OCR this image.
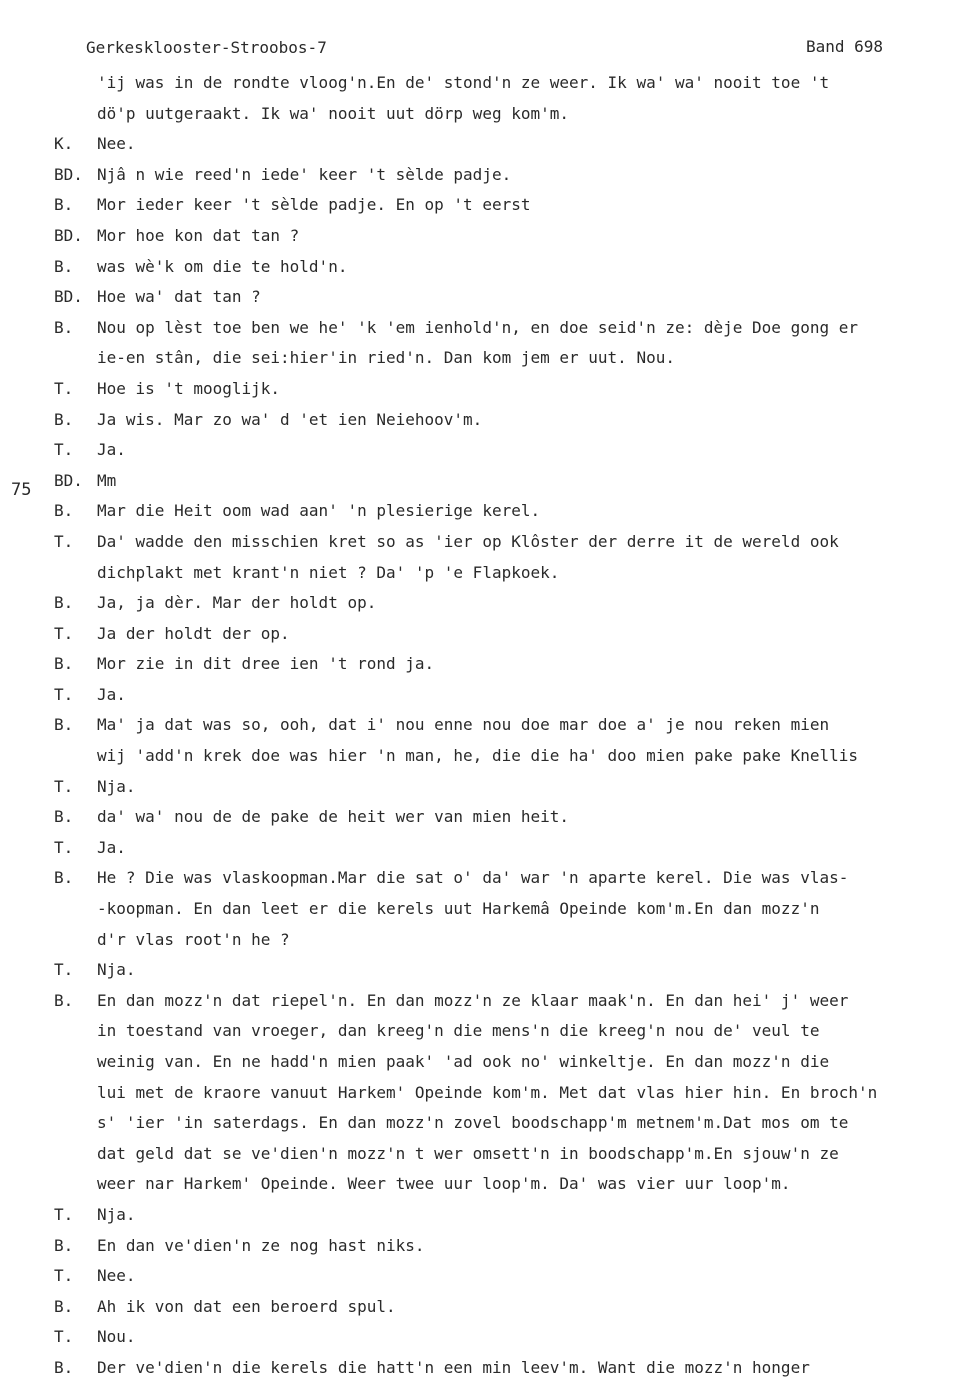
Gerkesklooster-Stroobos-7	Band 698
75
'ij was in de rondte vloog'n.En de' stond'n ze weer. Ik wa' wa' nooit toe 't
dö'p uutgeraakt. Ik wa' nooit uut dörp weg kom'm.
K. Nee.
BD. Njâ n wie reed'n iede' keer 't sèlde padje.
B. Mor ieder keer 't sèlde padje. En op 't eerst
BD. Mor hoe kon dat tan ?
B. was wè'k om die te hold'n.
BD. Hoe wa' dat tan ?
B. Nou op lèst toe ben we he' 'k 'em ienhold'n, en doe seid'n ze: dèje Doe gong er
ie-en stân, die sei:hier'in ried'n. Dan kom jem er uut. Nou.
T. Hoe is 't mooglijk.
B. Ja wis. Mar zo wa' d 'et ien Neiehoov'm.
T. Ja.
BD. Mm
B. Mar die Heit oom wad aan' 'n plesierige kerel.
T. Da' wadde den misschien kret so as 'ier op Klôster der derre it de wereld ook
dichplakt met krant'n niet ? Da' 'p 'e Flapkoek.
B. Ja, ja dèr. Mar der holdt op.
T. Ja der holdt der op.
B. Mor zie in dit dree ien 't rond ja.
T. Ja.
B. Ma' ja dat was so, ooh, dat i' nou enne nou doe mar doe a' je nou reken mien
wij 'add'n krek doe was hier 'n man, he, die die ha' doo mien pake pake Knellis
T. Nja.
B. da' wa' nou de de pake de heit wer van mien heit.
T. Ja.
B. He ? Die was vlaskoopman.Mar die sat o' da' war 'n aparte kerel. Die was vlas-
-koopman. En dan leet er die kerels uut Harkemâ Opeinde kom'm.En dan mozz'n
d'r vlas root'n he ?
T. Nja.
B. En dan mozz'n dat riepel'n. En dan mozz'n ze klaar maak'n. En dan hei' j' weer
in toestand van vroeger, dan kreeg'n die mens'n die kreeg'n nou de' veul te
weinig van. En ne hadd'n mien paak' 'ad ook no' winkeltje. En dan mozz'n die
lui met de kraore vanuut Harkem' Opeinde kom'm. Met dat vlas hier hin. En broch'n
s' 'ier 'in saterdags. En dan mozz'n zovel boodschapp'm metnem'm.Dat mos om te
dat geld dat se ve'dien'n mozz'n t wer omsett'n in boodschapp'm.En sjouw'n ze
weer nar Harkem' Opeinde. Weer twee uur loop'm. Da' was vier uur loop'm.
T. Nja.
B. En dan ve'dien'n ze nog hast niks.
T. Nee.
B. Ah ik von dat een beroerd spul.
T. Nou.
B. Der ve'dien'n die kerels die hatt'n een min leev'm. Want die mozz'n honger
